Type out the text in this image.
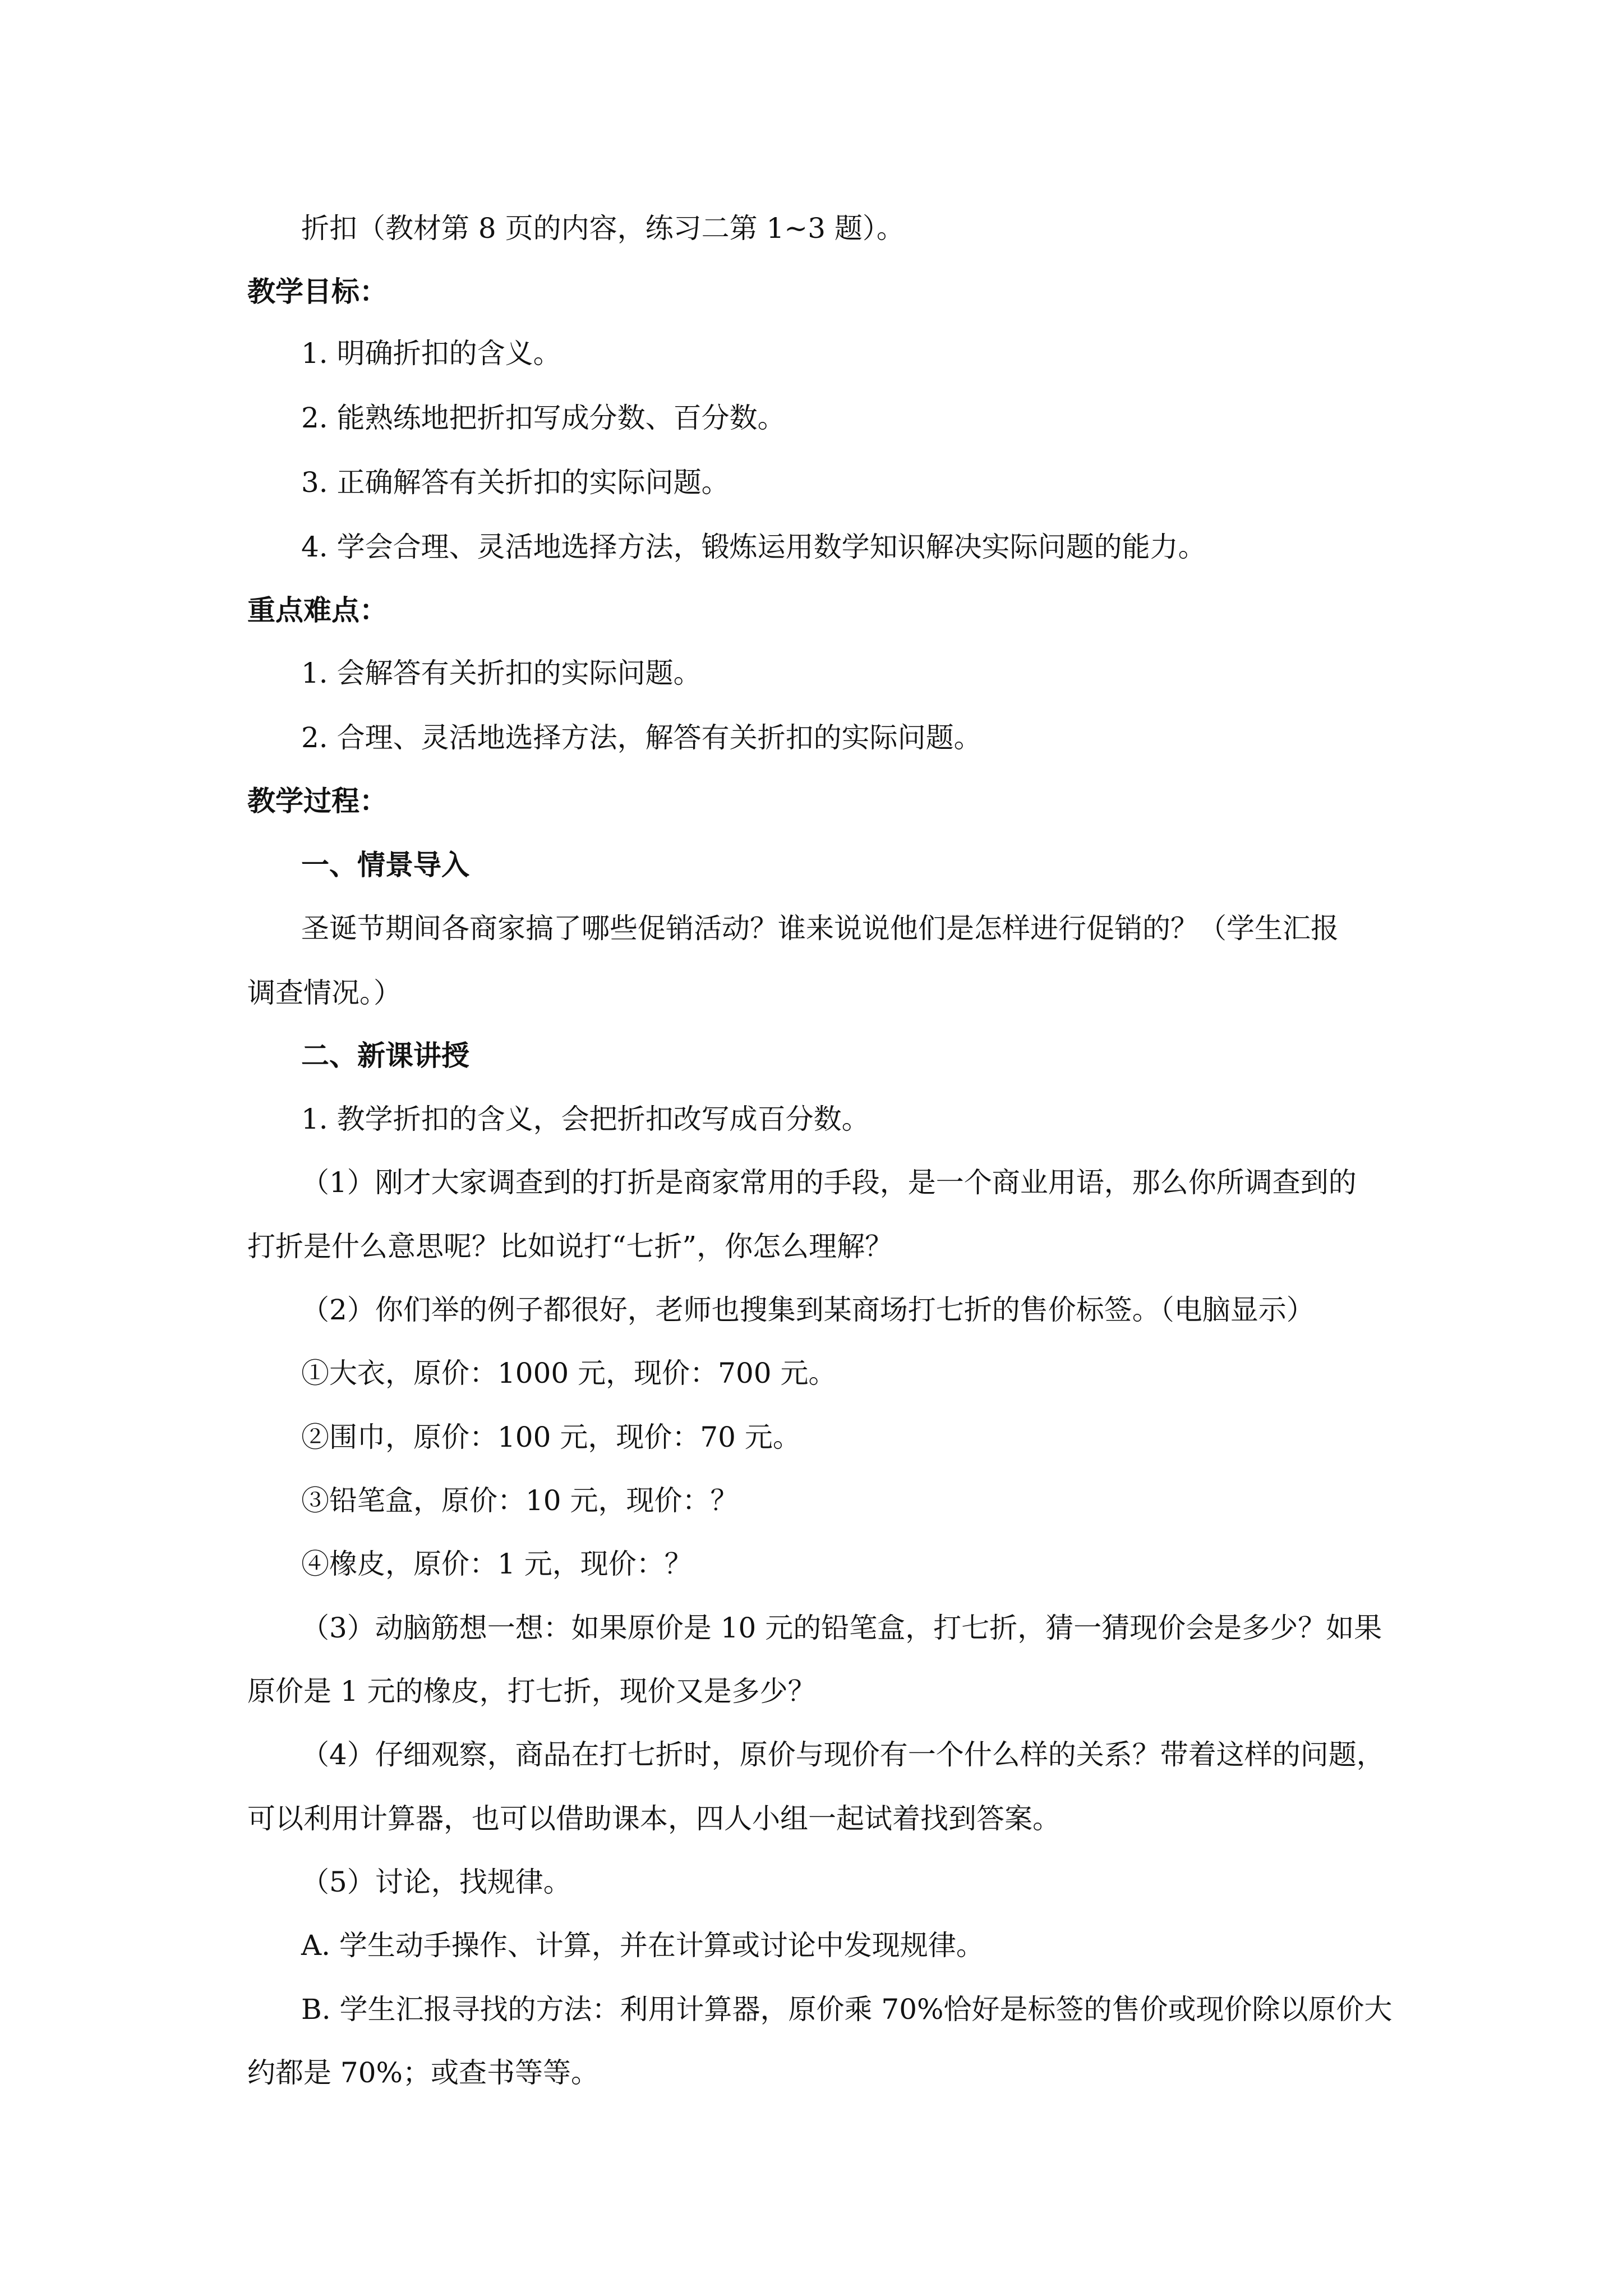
折扣（教材第 8 页的内容，练习二第 1~3 题）。
教学目标：
1. 明确折扣的含义。
2. 能熟练地把折扣写成分数、百分数。
3. 正确解答有关折扣的实际问题。
4. 学会合理、灵活地选择方法，锻炼运用数学知识解决实际问题的能力。
重点难点：
1. 会解答有关折扣的实际问题。
2. 合理、灵活地选择方法，解答有关折扣的实际问题。
教学过程：
一、情景导入
圣诞节期间各商家搞了哪些促销活动？谁来说说他们是怎样进行促销的？（学生汇报
调查情况。）
二、新课讲授
1. 教学折扣的含义，会把折扣改写成百分数。
（1）刚才大家调查到的打折是商家常用的手段，是一个商业用语，那么你所调查到的
打折是什么意思呢？比如说打“七折”，你怎么理解？
（2）你们举的例子都很好，老师也搜集到某商场打七折的售价标签。（电脑显示）
①大衣，原价：1000 元，现价：700 元。
②围巾，原价：100 元，现价：70 元。
③铅笔盒，原价：10 元，现价：？
④橡皮，原价：1 元，现价：？
（3）动脑筋想一想：如果原价是 10 元的铅笔盒，打七折，猜一猜现价会是多少？如果
原价是 1 元的橡皮，打七折，现价又是多少？
（4）仔细观察，商品在打七折时，原价与现价有一个什么样的关系？带着这样的问题，
可以利用计算器，也可以借助课本，四人小组一起试着找到答案。
（5）讨论，找规律。
A. 学生动手操作、计算，并在计算或讨论中发现规律。
B. 学生汇报寻找的方法：利用计算器，原价乘 70%恰好是标签的售价或现价除以原价大
约都是 70%；或查书等等。
